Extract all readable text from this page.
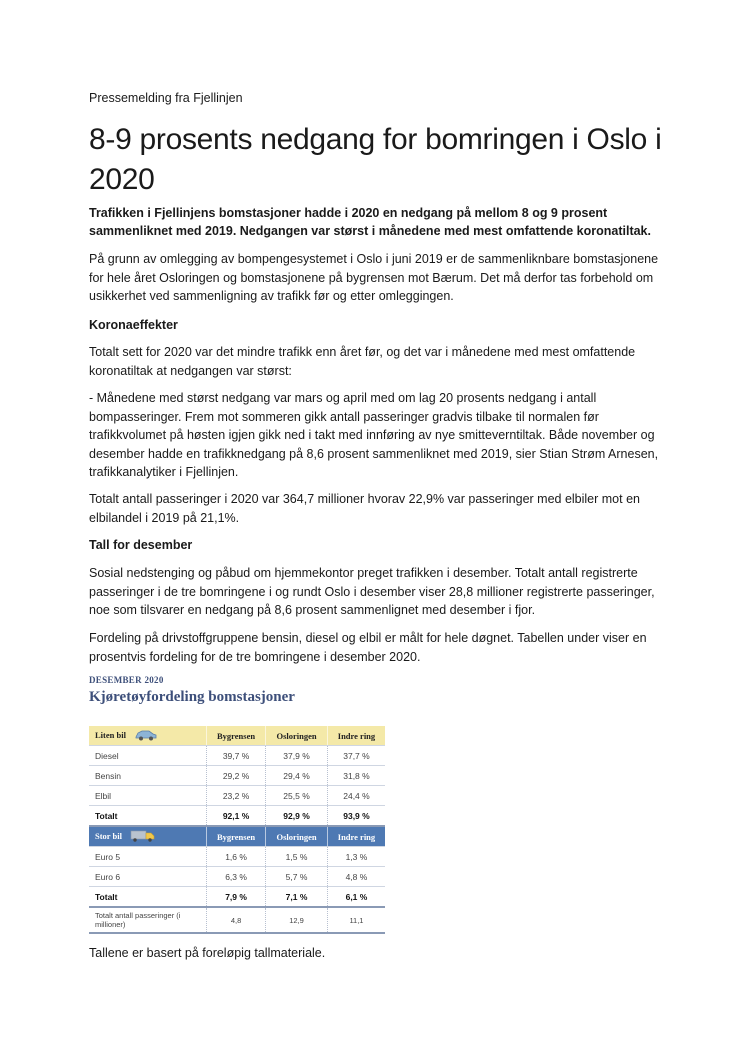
Pressemelding fra Fjellinjen
8-9 prosents nedgang for bomringen i Oslo i 2020

Trafikken i Fjellinjens bomstasjoner hadde i 2020 en nedgang på mellom 8 og 9 prosent sammenliknet med 2019. Nedgangen var størst i månedene med mest omfattende koronatiltak.

På grunn av omlegging av bompengesystemet i Oslo i juni 2019 er de sammenliknbare bomstasjonene for hele året Osloringen og bomstasjonene på bygrensen mot Bærum. Det må derfor tas forbehold om usikkerhet ved sammenligning av trafikk før og etter omleggingen.

Koronaeffekter

Totalt sett for 2020 var det mindre trafikk enn året før, og det var i månedene med mest omfattende koronatiltak at nedgangen var størst:

- Månedene med størst nedgang var mars og april med om lag 20 prosents nedgang i antall bompasseringer. Frem mot sommeren gikk antall passeringer gradvis tilbake til normalen før trafikkvolumet på høsten igjen gikk ned i takt med innføring av nye smitteverntiltak. Både november og desember hadde en trafikknedgang på 8,6 prosent sammenliknet med 2019, sier Stian Strøm Arnesen, trafikkanalytiker i Fjellinjen.

Totalt antall passeringer i 2020 var 364,7 millioner hvorav 22,9% var passeringer med elbiler mot en elbilandel i 2019 på 21,1%.

Tall for desember

Sosial nedstenging og påbud om hjemmekontor preget trafikken i desember. Totalt antall registrerte passeringer i de tre bomringene i og rundt Oslo i desember viser 28,8 millioner registrerte passeringer, noe som tilsvarer en nedgang på 8,6 prosent sammenlignet med desember i fjor.

Fordeling på drivstoffgruppene bensin, diesel og elbil er målt for hele døgnet. Tabellen under viser en prosentvis fordeling for de tre bomringene i desember 2020.

DESEMBER 2020
Kjøretøyfordeling bomstasjoner
Liten bil	Bygrensen	Osloringen	Indre ring
Diesel	39,7 %	37,9 %	37,7 %
Bensin	29,2 %	29,4 %	31,8 %
Elbil	23,2 %	25,5 %	24,4 %
Totalt	92,1 %	92,9 %	93,9 %
Stor bil	Bygrensen	Osloringen	Indre ring
Euro 5	1,6 %	1,5 %	1,3 %
Euro 6	6,3 %	5,7 %	4,8 %
Totalt	7,9 %	7,1 %	6,1 %
Totalt antall passeringer (i millioner)	4,8	12,9	11,1
Tallene er basert på foreløpig tallmateriale.
